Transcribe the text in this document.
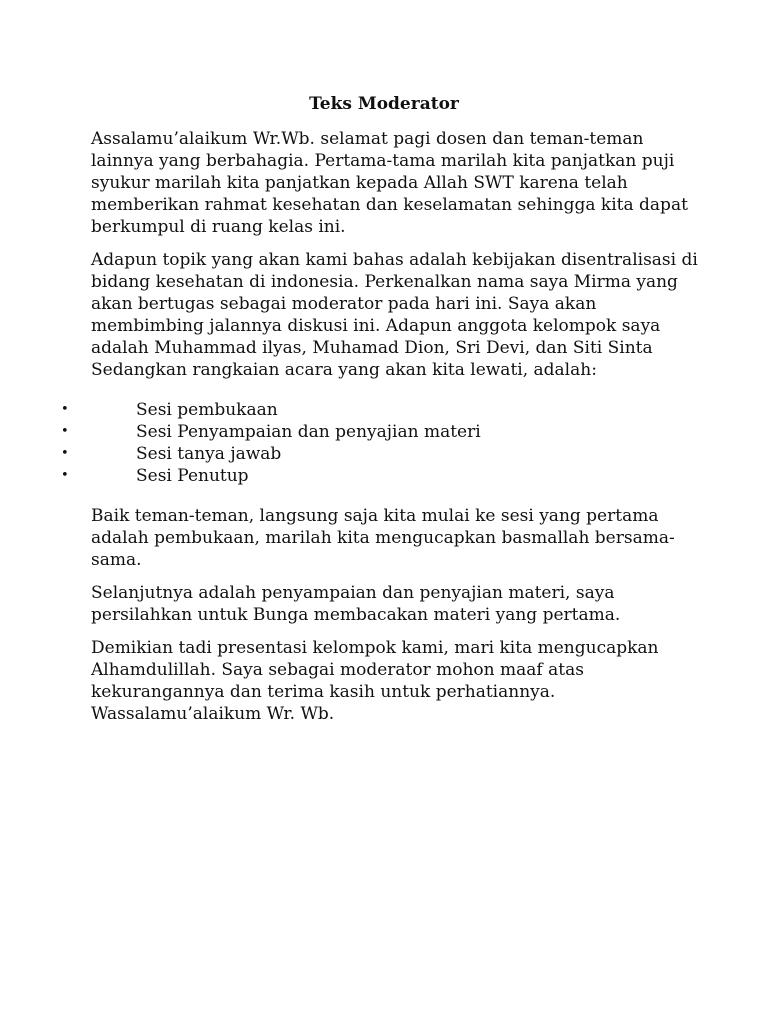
Teks Moderator

Assalamu’alaikum Wr.Wb. selamat pagi dosen dan teman-teman
lainnya yang berbahagia. Pertama-tama marilah kita panjatkan puji
syukur marilah kita panjatkan kepada Allah SWT karena telah
memberikan rahmat kesehatan dan keselamatan sehingga kita dapat
berkumpul di ruang kelas ini.

Adapun topik yang akan kami bahas adalah kebijakan disentralisasi di
bidang kesehatan di indonesia. Perkenalkan nama saya Mirma yang
akan bertugas sebagai moderator pada hari ini. Saya akan
membimbing jalannya diskusi ini. Adapun anggota kelompok saya
adalah Muhammad ilyas, Muhamad Dion, Sri Devi, dan Siti Sinta
Sedangkan rangkaian acara yang akan kita lewati, adalah:

•	Sesi pembukaan
•	Sesi Penyampaian dan penyajian materi
•	Sesi tanya jawab
•	Sesi Penutup

Baik teman-teman, langsung saja kita mulai ke sesi yang pertama
adalah pembukaan, marilah kita mengucapkan basmallah bersama-
sama.

Selanjutnya adalah penyampaian dan penyajian materi, saya
persilahkan untuk Bunga membacakan materi yang pertama.

Demikian tadi presentasi kelompok kami, mari kita mengucapkan
Alhamdulillah. Saya sebagai moderator mohon maaf atas
kekurangannya dan terima kasih untuk perhatiannya.
Wassalamu’alaikum Wr. Wb.
